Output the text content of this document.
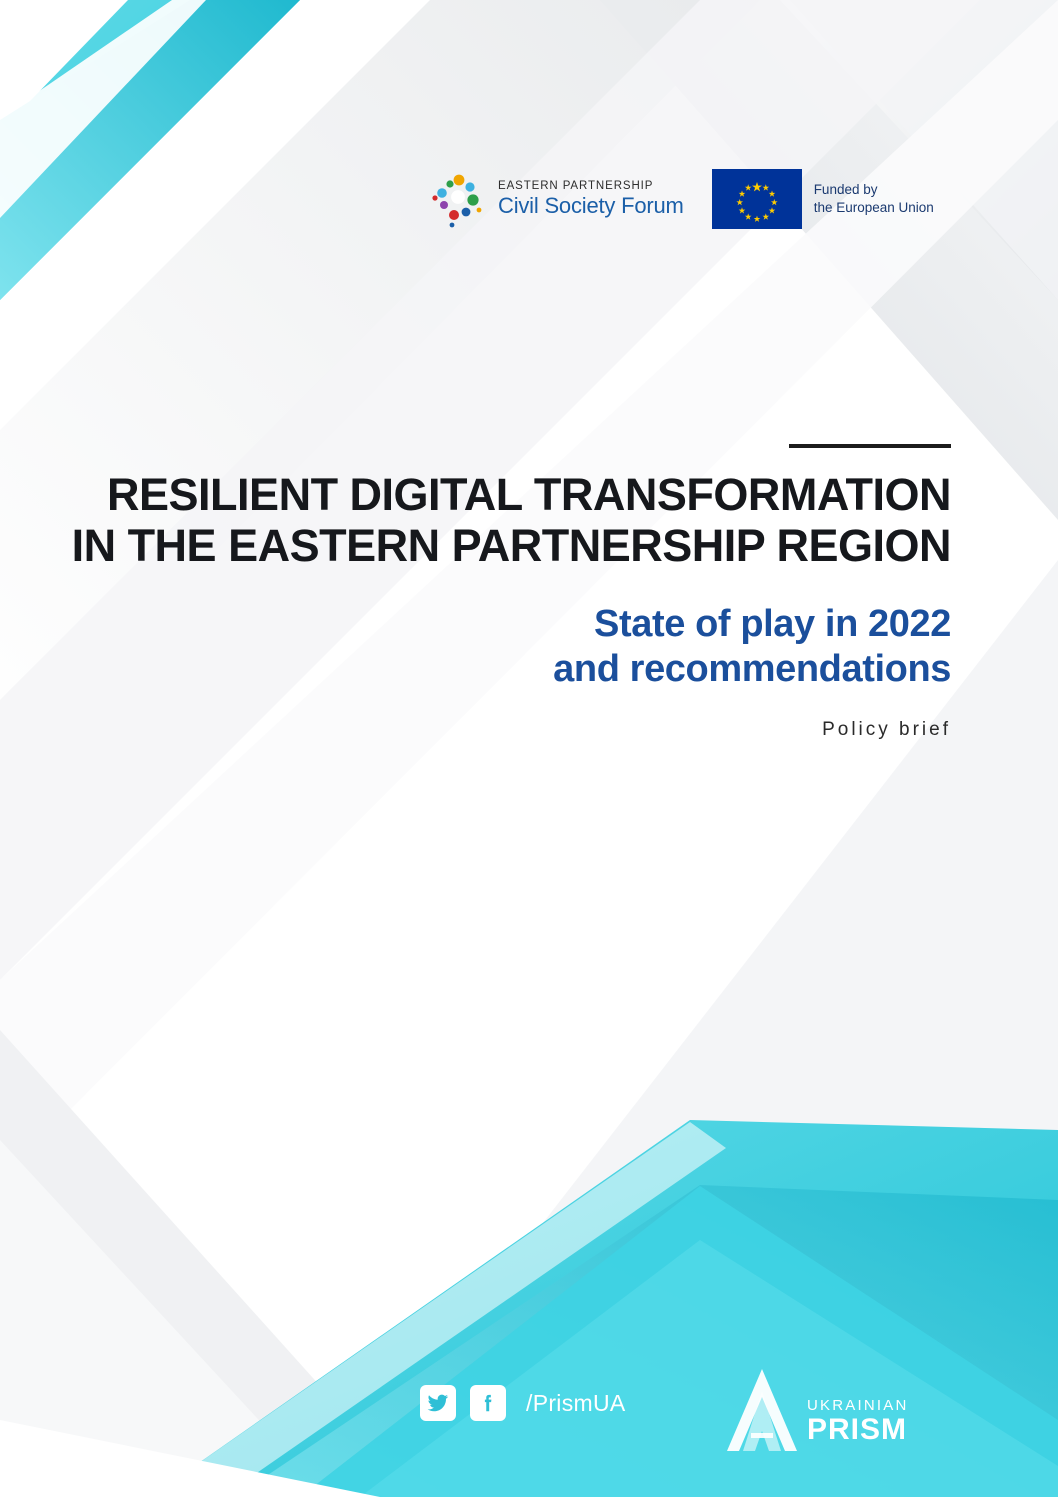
EASTERN PARTNERSHIP
Civil Society Forum
Funded by
the European Union
RESILIENT DIGITAL TRANSFORMATION IN THE EASTERN PARTNERSHIP REGION
State of play in 2022
and recommendations
Policy brief
/PrismUA	UKRAINIAN
PRISM
